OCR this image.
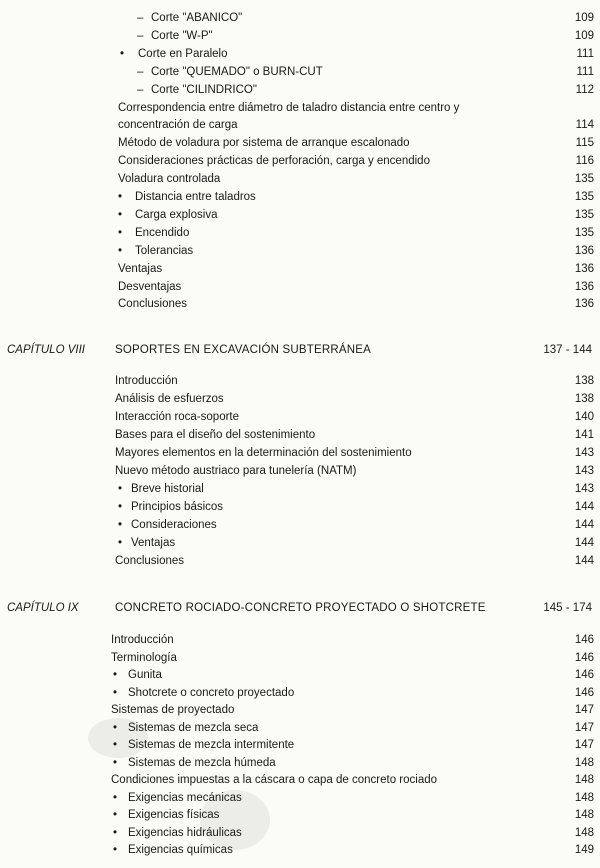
– Corte "ABANICO"	109
– Corte "W-P"	109
• Corte en Paralelo	111
– Corte "QUEMADO" o BURN-CUT	111
– Corte "CILINDRICO"	112
Correspondencia entre diámetro de taladro distancia entre centro y
concentración de carga	114
Método de voladura por sistema de arranque escalonado	115
Consideraciones prácticas de perforación, carga y encendido	116
Voladura controlada	135
• Distancia entre taladros	135
• Carga explosiva	135
• Encendido	135
• Tolerancias	136
Ventajas	136
Desventajas	136
Conclusiones	136
CAPÍTULO VIII	SOPORTES EN EXCAVACIÓN SUBTERRÁNEA	137 - 144
Introducción	138
Análisis de esfuerzos	138
Interacción roca-soporte	140
Bases para el diseño del sostenimiento	141
Mayores elementos en la determinación del sostenimiento	143
Nuevo método austriaco para tunelería (NATM)	143
• Breve historial	143
• Principios básicos	144
• Consideraciones	144
• Ventajas	144
Conclusiones	144
CAPÍTULO IX	CONCRETO ROCIADO-CONCRETO PROYECTADO O SHOTCRETE	145 - 174
Introducción	146
Terminología	146
• Gunita	146
• Shotcrete o concreto proyectado	146
Sistemas de proyectado	147
• Sistemas de mezcla seca	147
• Sistemas de mezcla intermitente	147
• Sistemas de mezcla húmeda	148
Condiciones impuestas a la cáscara o capa de concreto rociado	148
• Exigencias mecánicas	148
• Exigencias físicas	148
• Exigencias hidráulicas	148
• Exigencias químicas	149
